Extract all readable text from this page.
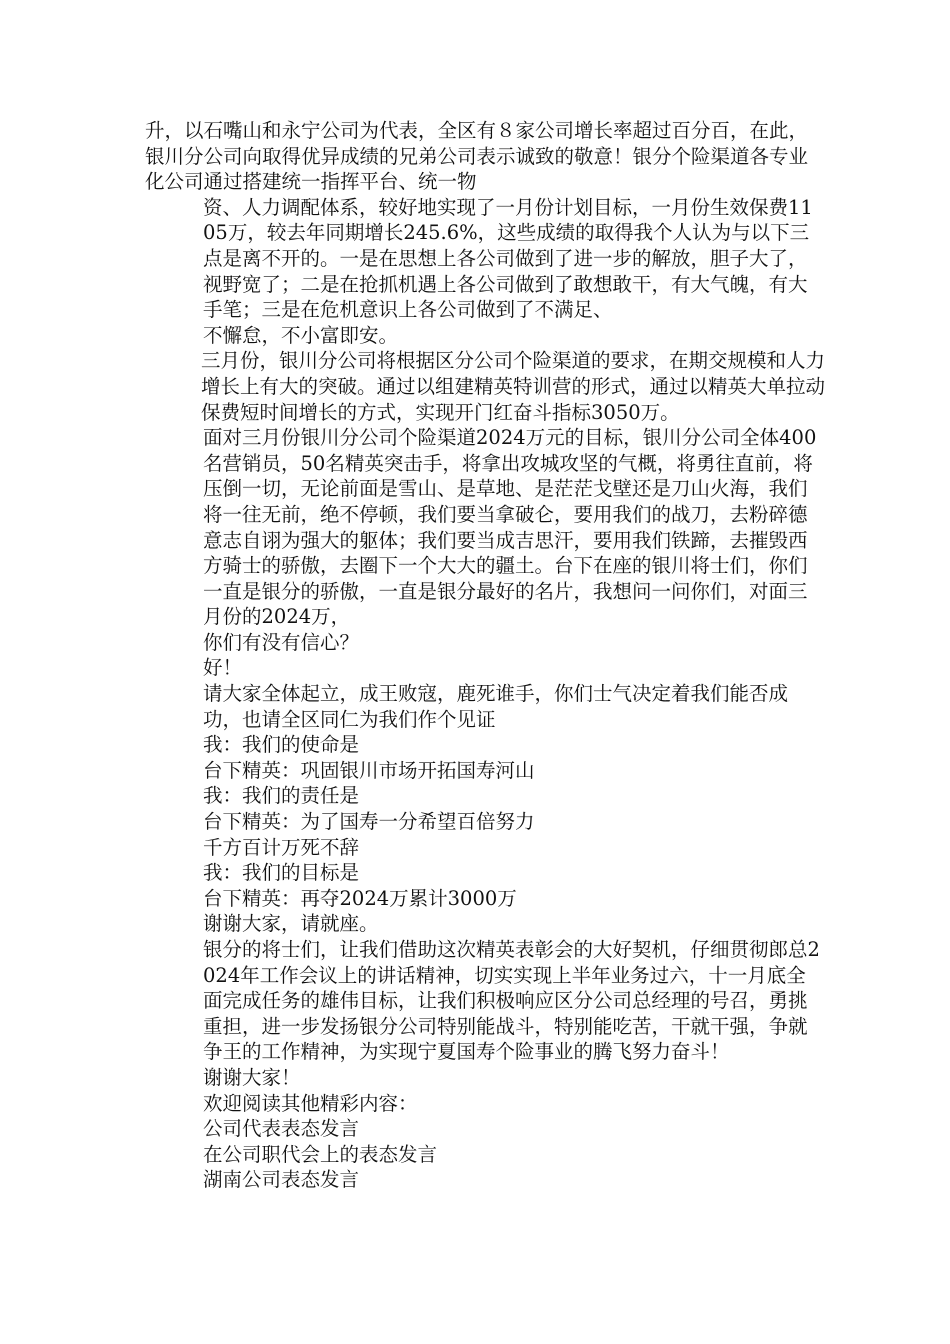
升，以石嘴山和永宁公司为代表，全区有８家公司增长率超过百分百，在此，银川分公司向取得优异成绩的兄弟公司表示诚致的敬意！银分个险渠道各专业化公司通过搭建统一指挥平台、统一物

资、人力调配体系，较好地实现了一月份计划目标，一月份生效保费1105万，较去年同期增长245.6%，这些成绩的取得我个人认为与以下三点是离不开的。一是在思想上各公司做到了进一步的解放，胆子大了，视野宽了；二是在抢抓机遇上各公司做到了敢想敢干，有大气魄，有大手笔；三是在危机意识上各公司做到了不满足、

不懈怠，不小富即安。

三月份，银川分公司将根据区分公司个险渠道的要求，在期交规模和人力增长上有大的突破。通过以组建精英特训营的形式，通过以精英大单拉动保费短时间增长的方式，实现开门红奋斗指标3050万。

面对三月份银川分公司个险渠道2024万元的目标，银川分公司全体400名营销员，50名精英突击手，将拿出攻城攻坚的气概，将勇往直前，将压倒一切，无论前面是雪山、是草地、是茫茫戈壁还是刀山火海，我们将一往无前，绝不停顿，我们要当拿破仑，要用我们的战刀，去粉碎德意志自诩为强大的躯体；我们要当成吉思汗，要用我们铁蹄，去摧毁西方骑士的骄傲，去圈下一个大大的疆土。台下在座的银川将士们，你们一直是银分的骄傲，一直是银分最好的名片，我想问一问你们，对面三月份的2024万，

你们有没有信心？

好！

请大家全体起立，成王败寇，鹿死谁手，你们士气决定着我们能否成功，也请全区同仁为我们作个见证

我：我们的使命是

台下精英：巩固银川市场开拓国寿河山

我：我们的责任是

台下精英：为了国寿一分希望百倍努力

千方百计万死不辞

我：我们的目标是

台下精英：再夺2024万累计3000万

谢谢大家，请就座。

银分的将士们，让我们借助这次精英表彰会的大好契机，仔细贯彻郎总2024年工作会议上的讲话精神，切实实现上半年业务过六，十一月底全面完成任务的雄伟目标，让我们积极响应区分公司总经理的号召，勇挑重担，进一步发扬银分公司特别能战斗，特别能吃苦，干就干强，争就争王的工作精神，为实现宁夏国寿个险事业的腾飞努力奋斗！

谢谢大家！

欢迎阅读其他精彩内容：

公司代表表态发言

在公司职代会上的表态发言

湖南公司表态发言
